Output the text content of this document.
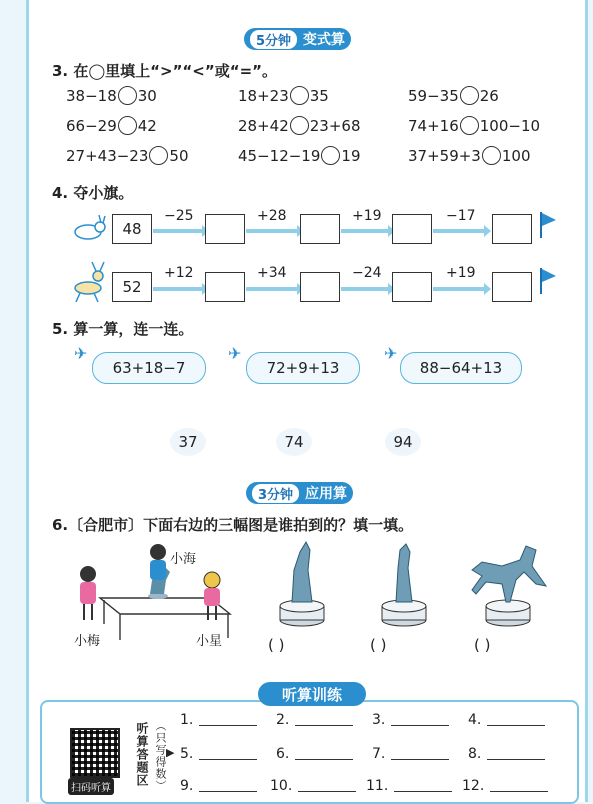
5分钟 变式算
3. 在◯里填上“>”“<”或“=”。
38−18 30	18+23 35	59−35 26
66−29 42	28+42 23+68	74+16 100−10
27+43−23 50	45−12−19 19	37+59+3 100
4. 夺小旗。
48
−25	+28	+19	−17
52
+12	+34	−24	+19
5. 算一算，连一连。
✈
63+18−7
✈
72+9+13
✈
88−64+13
37	74	94
3分钟 应用算
6.〔合肥市〕下面右边的三幅图是谁拍到的？填一填。
小海
小梅	小星	( )	( )	( )
听算训练
扫码听算
听算答题区 （只写得数） ▶
1.	2.	3.	4.
5.	6.	7.	8.
9.	10.	11.	12.
